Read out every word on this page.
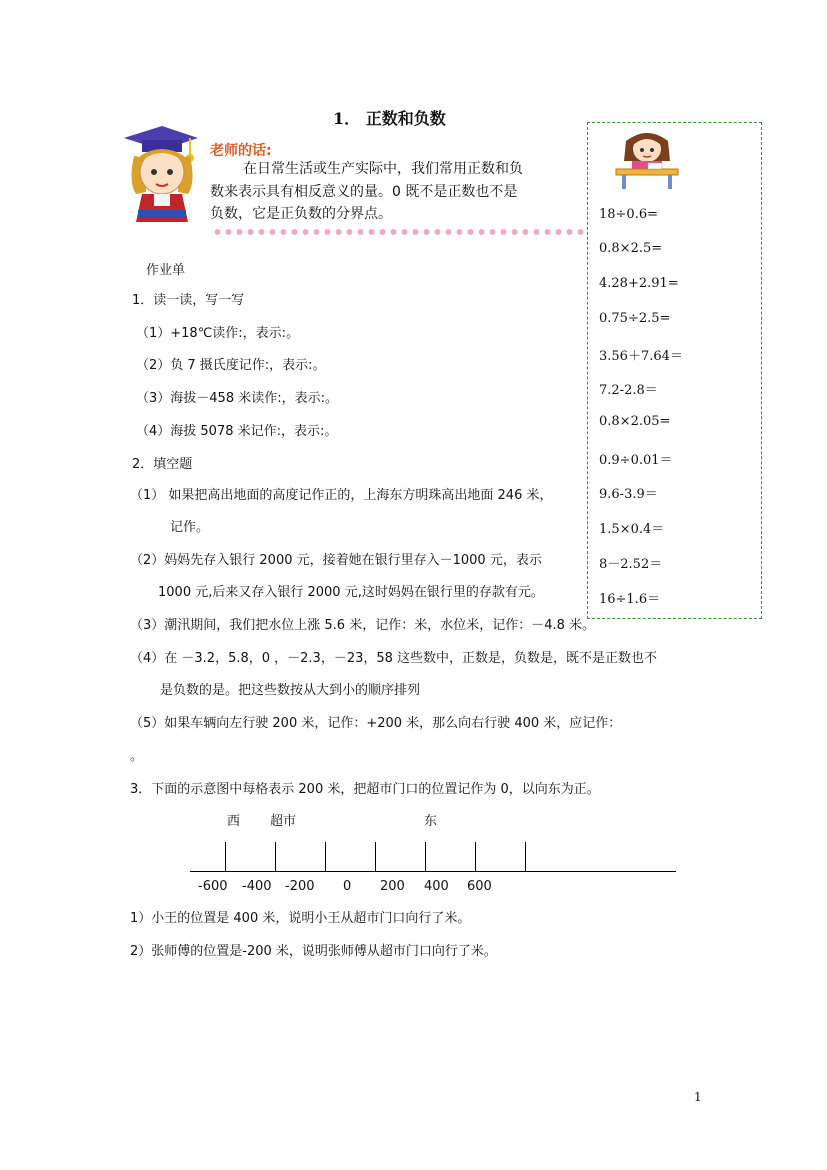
1． 正数和负数
老师的话:
在日常生活或生产实际中，我们常用正数和负
数来表示具有相反意义的量。0 既不是正数也不是
负数，它是正负数的分界点。	18÷0.6=
0.8×2.5=
4.28+2.91=
0.75÷2.5=
3.56＋7.64＝
7.2-2.8＝
0.8×2.05=
0.9÷0.01＝
9.6-3.9＝
1.5×0.4＝
8－2.52＝
16÷1.6＝
作业单
1．读一读，写一写
（1）+18℃读作:，表示:。
（2）负 7 摄氏度记作:，表示:。
（3）海拔－458 米读作:，表示:。
（4）海拔 5078 米记作:，表示:。
2．填空题
（1） 如果把高出地面的高度记作正的，上海东方明珠高出地面 246 米，
记作。
（2）妈妈先存入银行 2000 元，接着她在银行里存入－1000 元，表示
1000 元,后来又存入银行 2000 元,这时妈妈在银行里的存款有元。
（3）潮汛期间，我们把水位上涨 5.6 米，记作：米，水位米，记作：－4.8 米。
（4）在 －3.2，5.8，0 ，－2.3，－23，58 这些数中，正数是，负数是，既不是正数也不
是负数的是。把这些数按从大到小的顺序排列
（5）如果车辆向左行驶 200 米，记作：+200 米，那么向右行驶 400 米，应记作：
。
3．下面的示意图中每格表示 200 米，把超市门口的位置记作为 0，以向东为正。
西 超市	东
-600 -400 -200 0 200 400 600
1）小王的位置是 400 米，说明小王从超市门口向行了米。
2）张师傅的位置是-200 米，说明张师傅从超市门口向行了米。
1
